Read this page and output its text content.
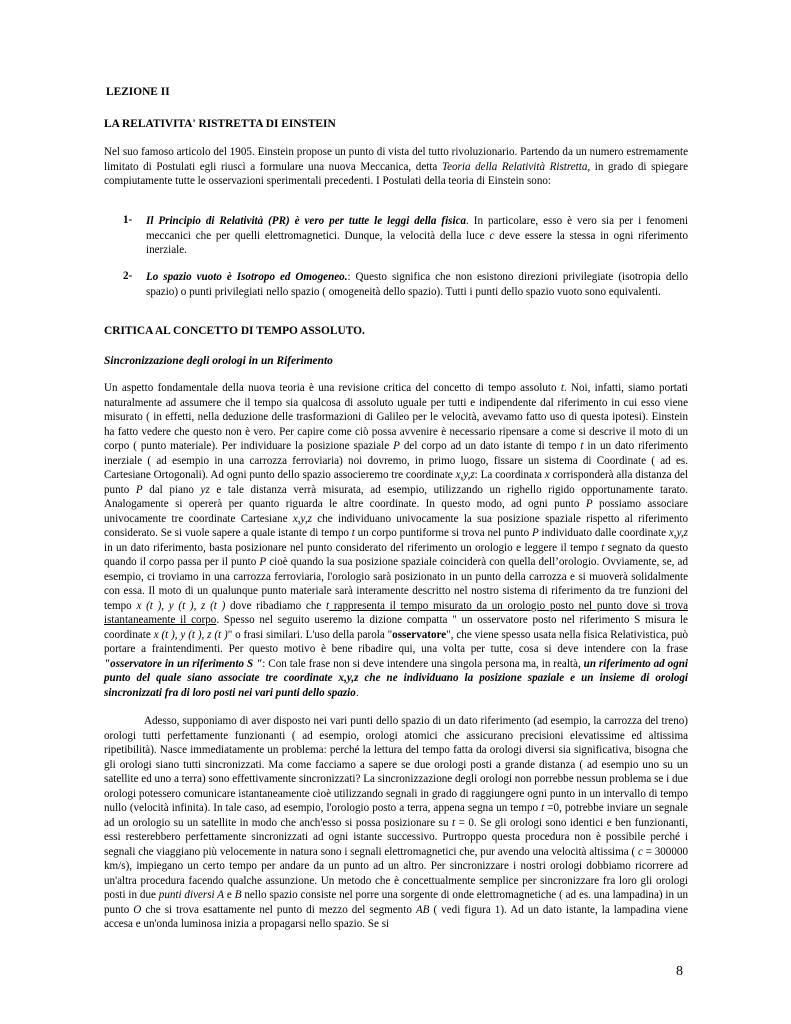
LEZIONE II

LA RELATIVITA' RISTRETTA DI EINSTEIN

Nel suo famoso articolo del 1905. Einstein propose un punto di vista del tutto rivoluzionario. Partendo da un numero estremamente limitato di Postulati egli riuscì a formulare una nuova Meccanica, detta Teoria della Relatività Ristretta, in grado di spiegare compiutamente tutte le osservazioni sperimentali precedenti. I Postulati della teoria di Einstein sono:

1- Il Principio di Relatività (PR) è vero per tutte le leggi della fisica. In particolare, esso è vero sia per i fenomeni meccanici che per quelli elettromagnetici. Dunque, la velocità della luce c deve essere la stessa in ogni riferimento inerziale.

2- Lo spazio vuoto è Isotropo ed Omogeneo.: Questo significa che non esistono direzioni privilegiate (isotropia dello spazio) o punti privilegiati nello spazio ( omogeneità dello spazio). Tutti i punti dello spazio vuoto sono equivalenti.

CRITICA AL CONCETTO DI TEMPO ASSOLUTO.

Sincronizzazione degli orologi in un Riferimento

Un aspetto fondamentale della nuova teoria è una revisione critica del concetto di tempo assoluto t. Noi, infatti, siamo portati naturalmente ad assumere che il tempo sia qualcosa di assoluto uguale per tutti e indipendente dal riferimento in cui esso viene misurato ( in effetti, nella deduzione delle trasformazioni di Galileo per le velocità, avevamo fatto uso di questa ipotesi). Einstein ha fatto vedere che questo non è vero. Per capire come ciò possa avvenire è necessario ripensare a come si descrive il moto di un corpo ( punto materiale). Per individuare la posizione spaziale P del corpo ad un dato istante di tempo t in un dato riferimento inerziale ( ad esempio in una carrozza ferroviaria) noi dovremo, in primo luogo, fissare un sistema di Coordinate ( ad es. Cartesiane Ortogonali). Ad ogni punto dello spazio associeremo tre coordinate x,y,z: La coordinata x corrisponderà alla distanza del punto P dal piano yz e tale distanza verrà misurata, ad esempio, utilizzando un righello rigido opportunamente tarato. Analogamente si opererà per quanto riguarda le altre coordinate. In questo modo, ad ogni punto P possiamo associare univocamente tre coordinate Cartesiane x,y,z che individuano univocamente la sua posizione spaziale rispetto al riferimento considerato. Se si vuole sapere a quale istante di tempo t un corpo puntiforme si trova nel punto P individuato dalle coordinate x,y,z in un dato riferimento, basta posizionare nel punto considerato del riferimento un orologio e leggere il tempo t segnato da questo quando il corpo passa per il punto P cioè quando la sua posizione spaziale coinciderà con quella dell’orologio. Ovviamente, se, ad esempio, ci troviamo in una carrozza ferroviaria, l'orologio sarà posizionato in un punto della carrozza e si muoverà solidalmente con essa. Il moto di un qualunque punto materiale sarà interamente descritto nel nostro sistema di riferimento da tre funzioni del tempo x (t ), y (t ), z (t ) dove ribadiamo che t rappresenta il tempo misurato da un orologio posto nel punto dove si trova istantaneamente il corpo. Spesso nel seguito useremo la dizione compatta " un osservatore posto nel riferimento S misura le coordinate x (t ), y (t ), z (t )" o frasi similari. L'uso della parola "osservatore", che viene spesso usata nella fisica Relativistica, può portare a fraintendimenti. Per questo motivo è bene ribadire qui, una volta per tutte, cosa si deve intendere con la frase "osservatore in un riferimento S ": Con tale frase non si deve intendere una singola persona ma, in realtà, un riferimento ad ogni punto del quale siano associate tre coordinate x,y,z che ne individuano la posizione spaziale e un insieme di orologi sincronizzati fra di loro posti nei vari punti dello spazio.

Adesso, supponiamo di aver disposto nei vari punti dello spazio di un dato riferimento (ad esempio, la carrozza del treno) orologi tutti perfettamente funzionanti ( ad esempio, orologi atomici che assicurano precisioni elevatissime ed altissima ripetibilità). Nasce immediatamente un problema: perché la lettura del tempo fatta da orologi diversi sia significativa, bisogna che gli orologi siano tutti sincronizzati. Ma come facciamo a sapere se due orologi posti a grande distanza ( ad esempio uno su un satellite ed uno a terra) sono effettivamente sincronizzati? La sincronizzazione degli orologi non porrebbe nessun problema se i due orologi potessero comunicare istantaneamente cioè utilizzando segnali in grado di raggiungere ogni punto in un intervallo di tempo nullo (velocità infinita). In tale caso, ad esempio, l'orologio posto a terra, appena segna un tempo t =0, potrebbe inviare un segnale ad un orologio su un satellite in modo che anch'esso si possa posizionare su t = 0. Se gli orologi sono identici e ben funzionanti, essi resterebbero perfettamente sincronizzati ad ogni istante successivo. Purtroppo questa procedura non è possibile perché i segnali che viaggiano più velocemente in natura sono i segnali elettromagnetici che, pur avendo una velocità altissima ( c = 300000 km/s), impiegano un certo tempo per andare da un punto ad un altro. Per sincronizzare i nostri orologi dobbiamo ricorrere ad un'altra procedura facendo qualche assunzione. Un metodo che è concettualmente semplice per sincronizzare fra loro gli orologi posti in due punti diversi A e B nello spazio consiste nel porre una sorgente di onde elettromagnetiche ( ad es. una lampadina) in un punto O che si trova esattamente nel punto di mezzo del segmento AB ( vedi figura 1). Ad un dato istante, la lampadina viene accesa e un'onda luminosa inizia a propagarsi nello spazio. Se si

8
